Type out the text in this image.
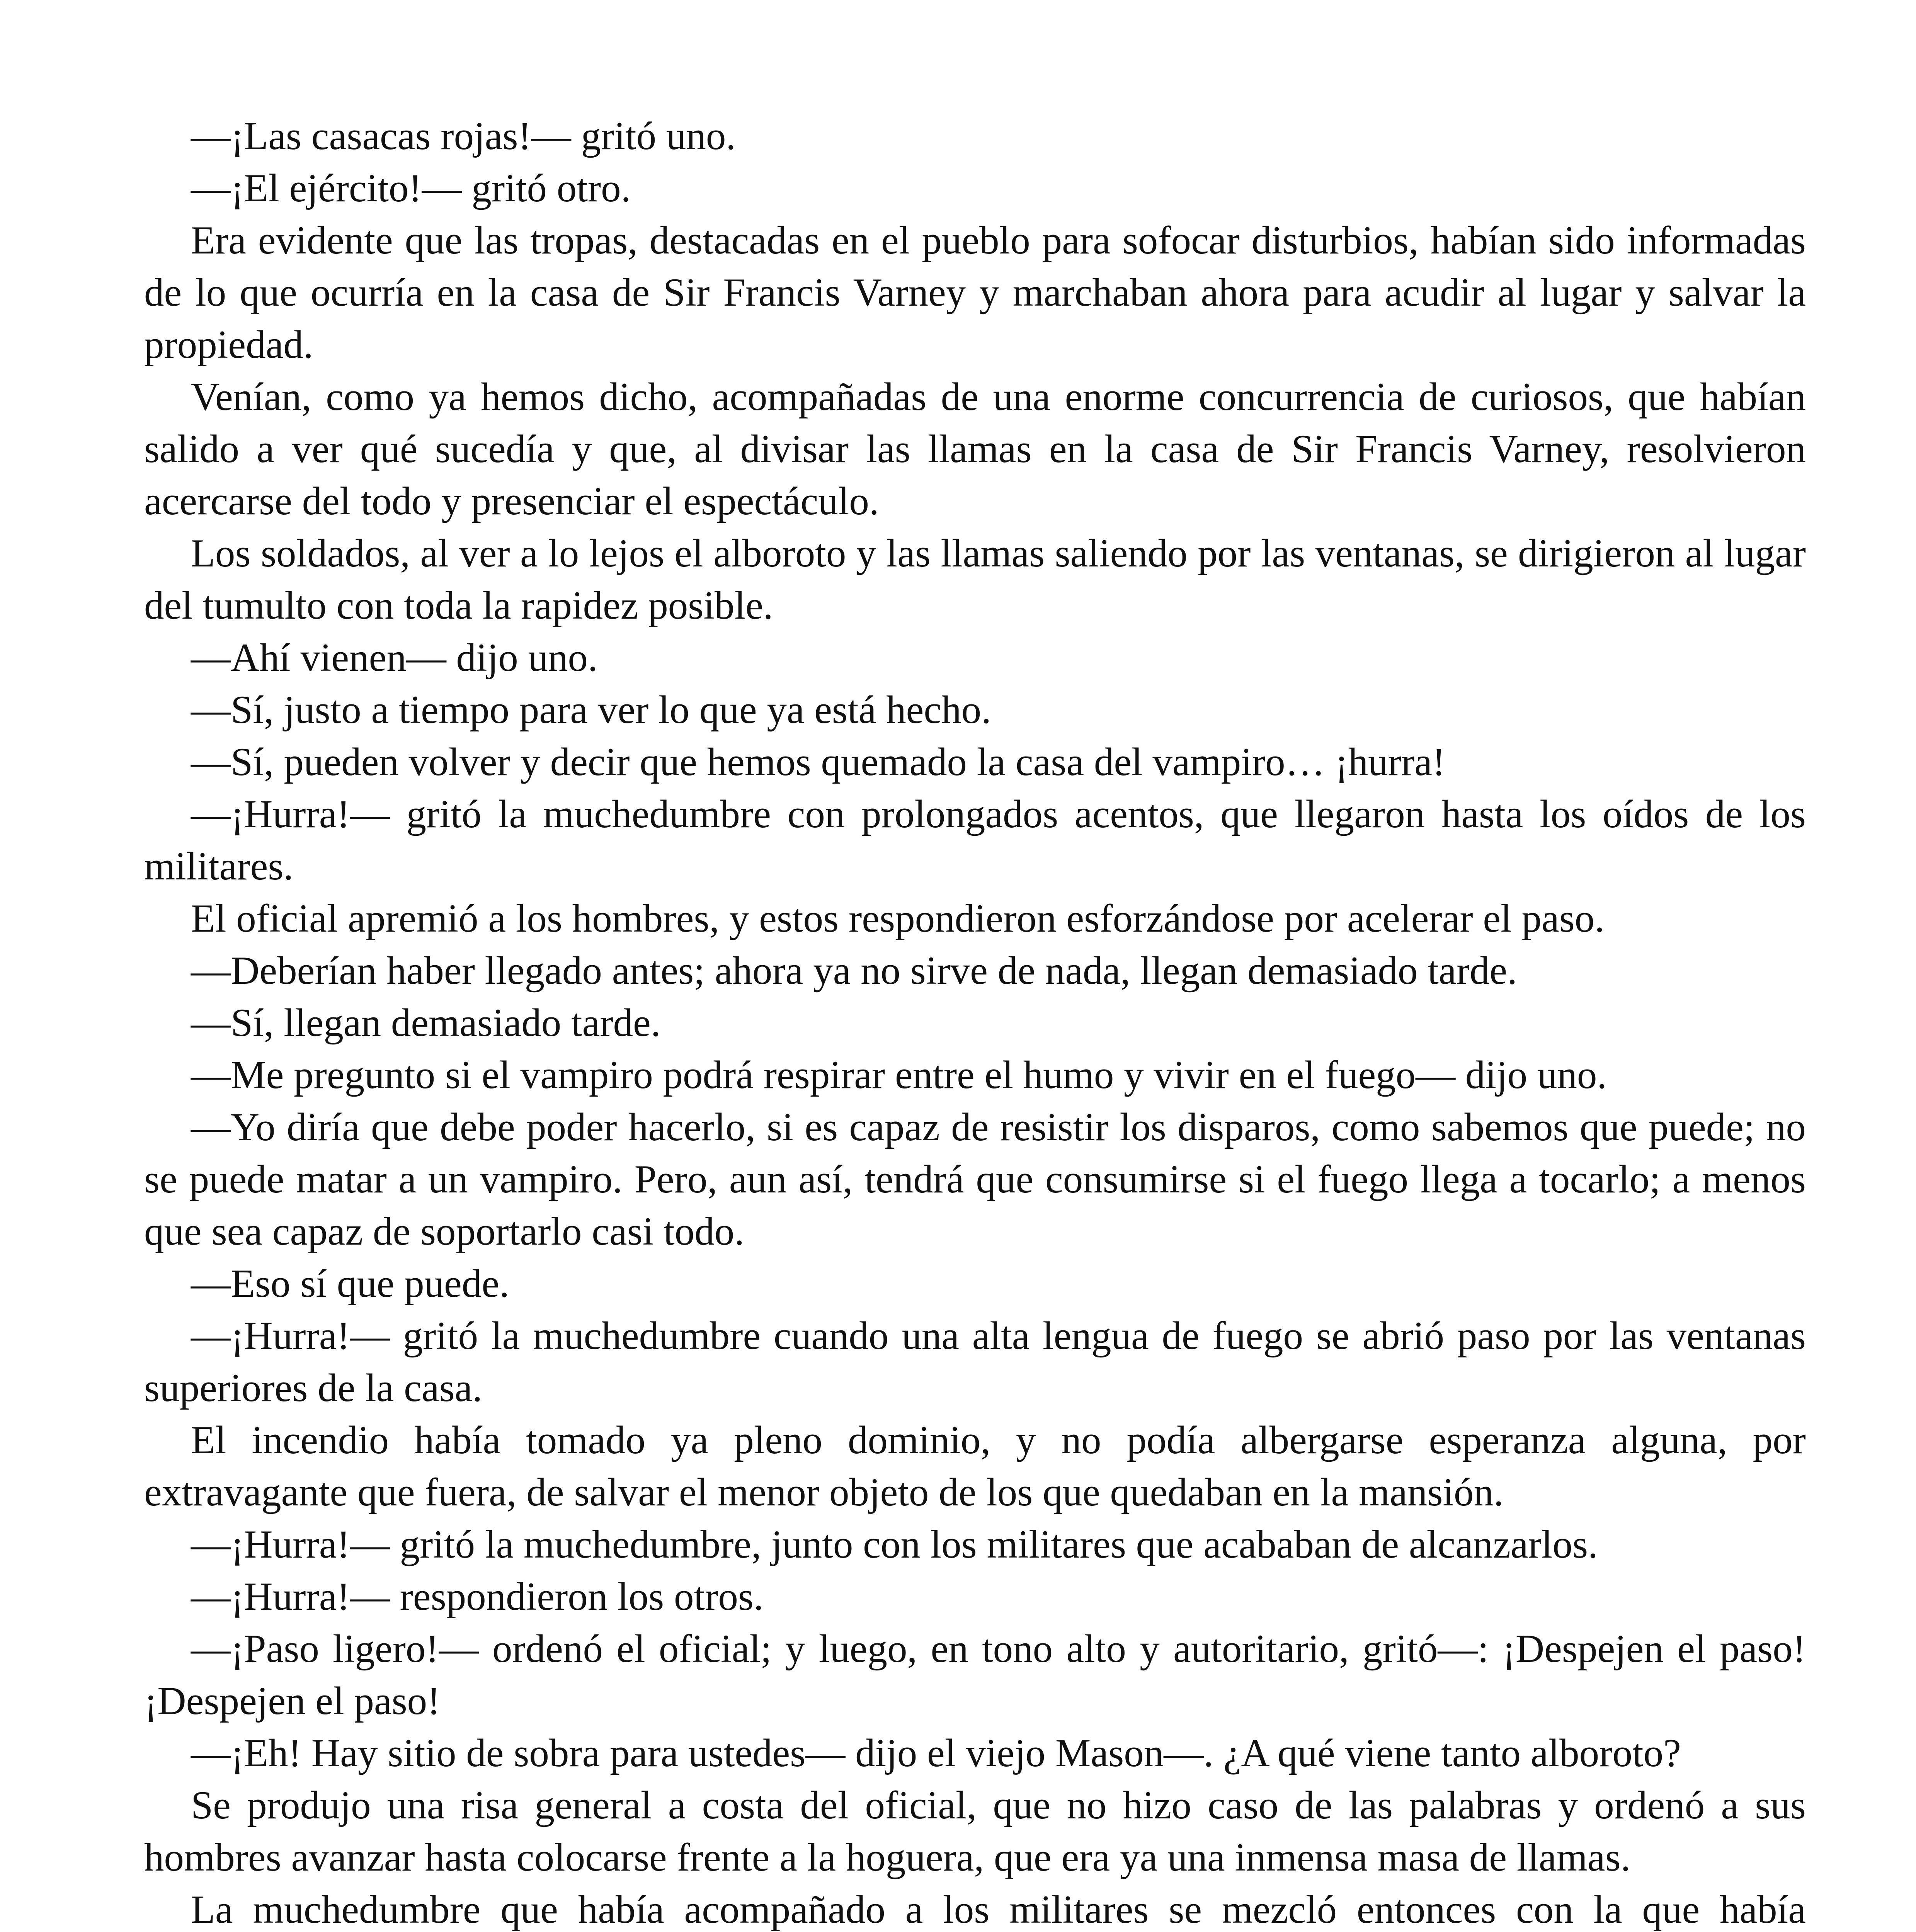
—¡Las casacas rojas!— gritó uno.

—¡El ejército!— gritó otro.

Era evidente que las tropas, destacadas en el pueblo para sofocar disturbios, habían sido informadas de lo que ocurría en la casa de Sir Francis Varney y marchaban ahora para acudir al lugar y salvar la propiedad.

Venían, como ya hemos dicho, acompañadas de una enorme concurrencia de curiosos, que habían salido a ver qué sucedía y que, al divisar las llamas en la casa de Sir Francis Varney, resolvieron acercarse del todo y presenciar el espectáculo.

Los soldados, al ver a lo lejos el alboroto y las llamas saliendo por las ventanas, se dirigieron al lugar del tumulto con toda la rapidez posible.

—Ahí vienen— dijo uno.

—Sí, justo a tiempo para ver lo que ya está hecho.

—Sí, pueden volver y decir que hemos quemado la casa del vampiro… ¡hurra!

—¡Hurra!— gritó la muchedumbre con prolongados acentos, que llegaron hasta los oídos de los militares.

El oficial apremió a los hombres, y estos respondieron esforzándose por acelerar el paso.

—Deberían haber llegado antes; ahora ya no sirve de nada, llegan demasiado tarde.

—Sí, llegan demasiado tarde.

—Me pregunto si el vampiro podrá respirar entre el humo y vivir en el fuego— dijo uno.

—Yo diría que debe poder hacerlo, si es capaz de resistir los disparos, como sabemos que puede; no se puede matar a un vampiro. Pero, aun así, tendrá que consumirse si el fuego llega a tocarlo; a menos que sea capaz de soportarlo casi todo.

—Eso sí que puede.

—¡Hurra!— gritó la muchedumbre cuando una alta lengua de fuego se abrió paso por las ventanas superiores de la casa.

El incendio había tomado ya pleno dominio, y no podía albergarse esperanza alguna, por extravagante que fuera, de salvar el menor objeto de los que quedaban en la mansión.

—¡Hurra!— gritó la muchedumbre, junto con los militares que acababan de alcanzarlos.

—¡Hurra!— respondieron los otros.

—¡Paso ligero!— ordenó el oficial; y luego, en tono alto y autoritario, gritó—: ¡Despejen el paso! ¡Despejen el paso!

—¡Eh! Hay sitio de sobra para ustedes— dijo el viejo Mason—. ¿A qué viene tanto alboroto?

Se produjo una risa general a costa del oficial, que no hizo caso de las palabras y ordenó a sus hombres avanzar hasta colocarse frente a la hoguera, que era ya una inmensa masa de llamas.

La muchedumbre que había acompañado a los militares se mezcló entonces con la que había
